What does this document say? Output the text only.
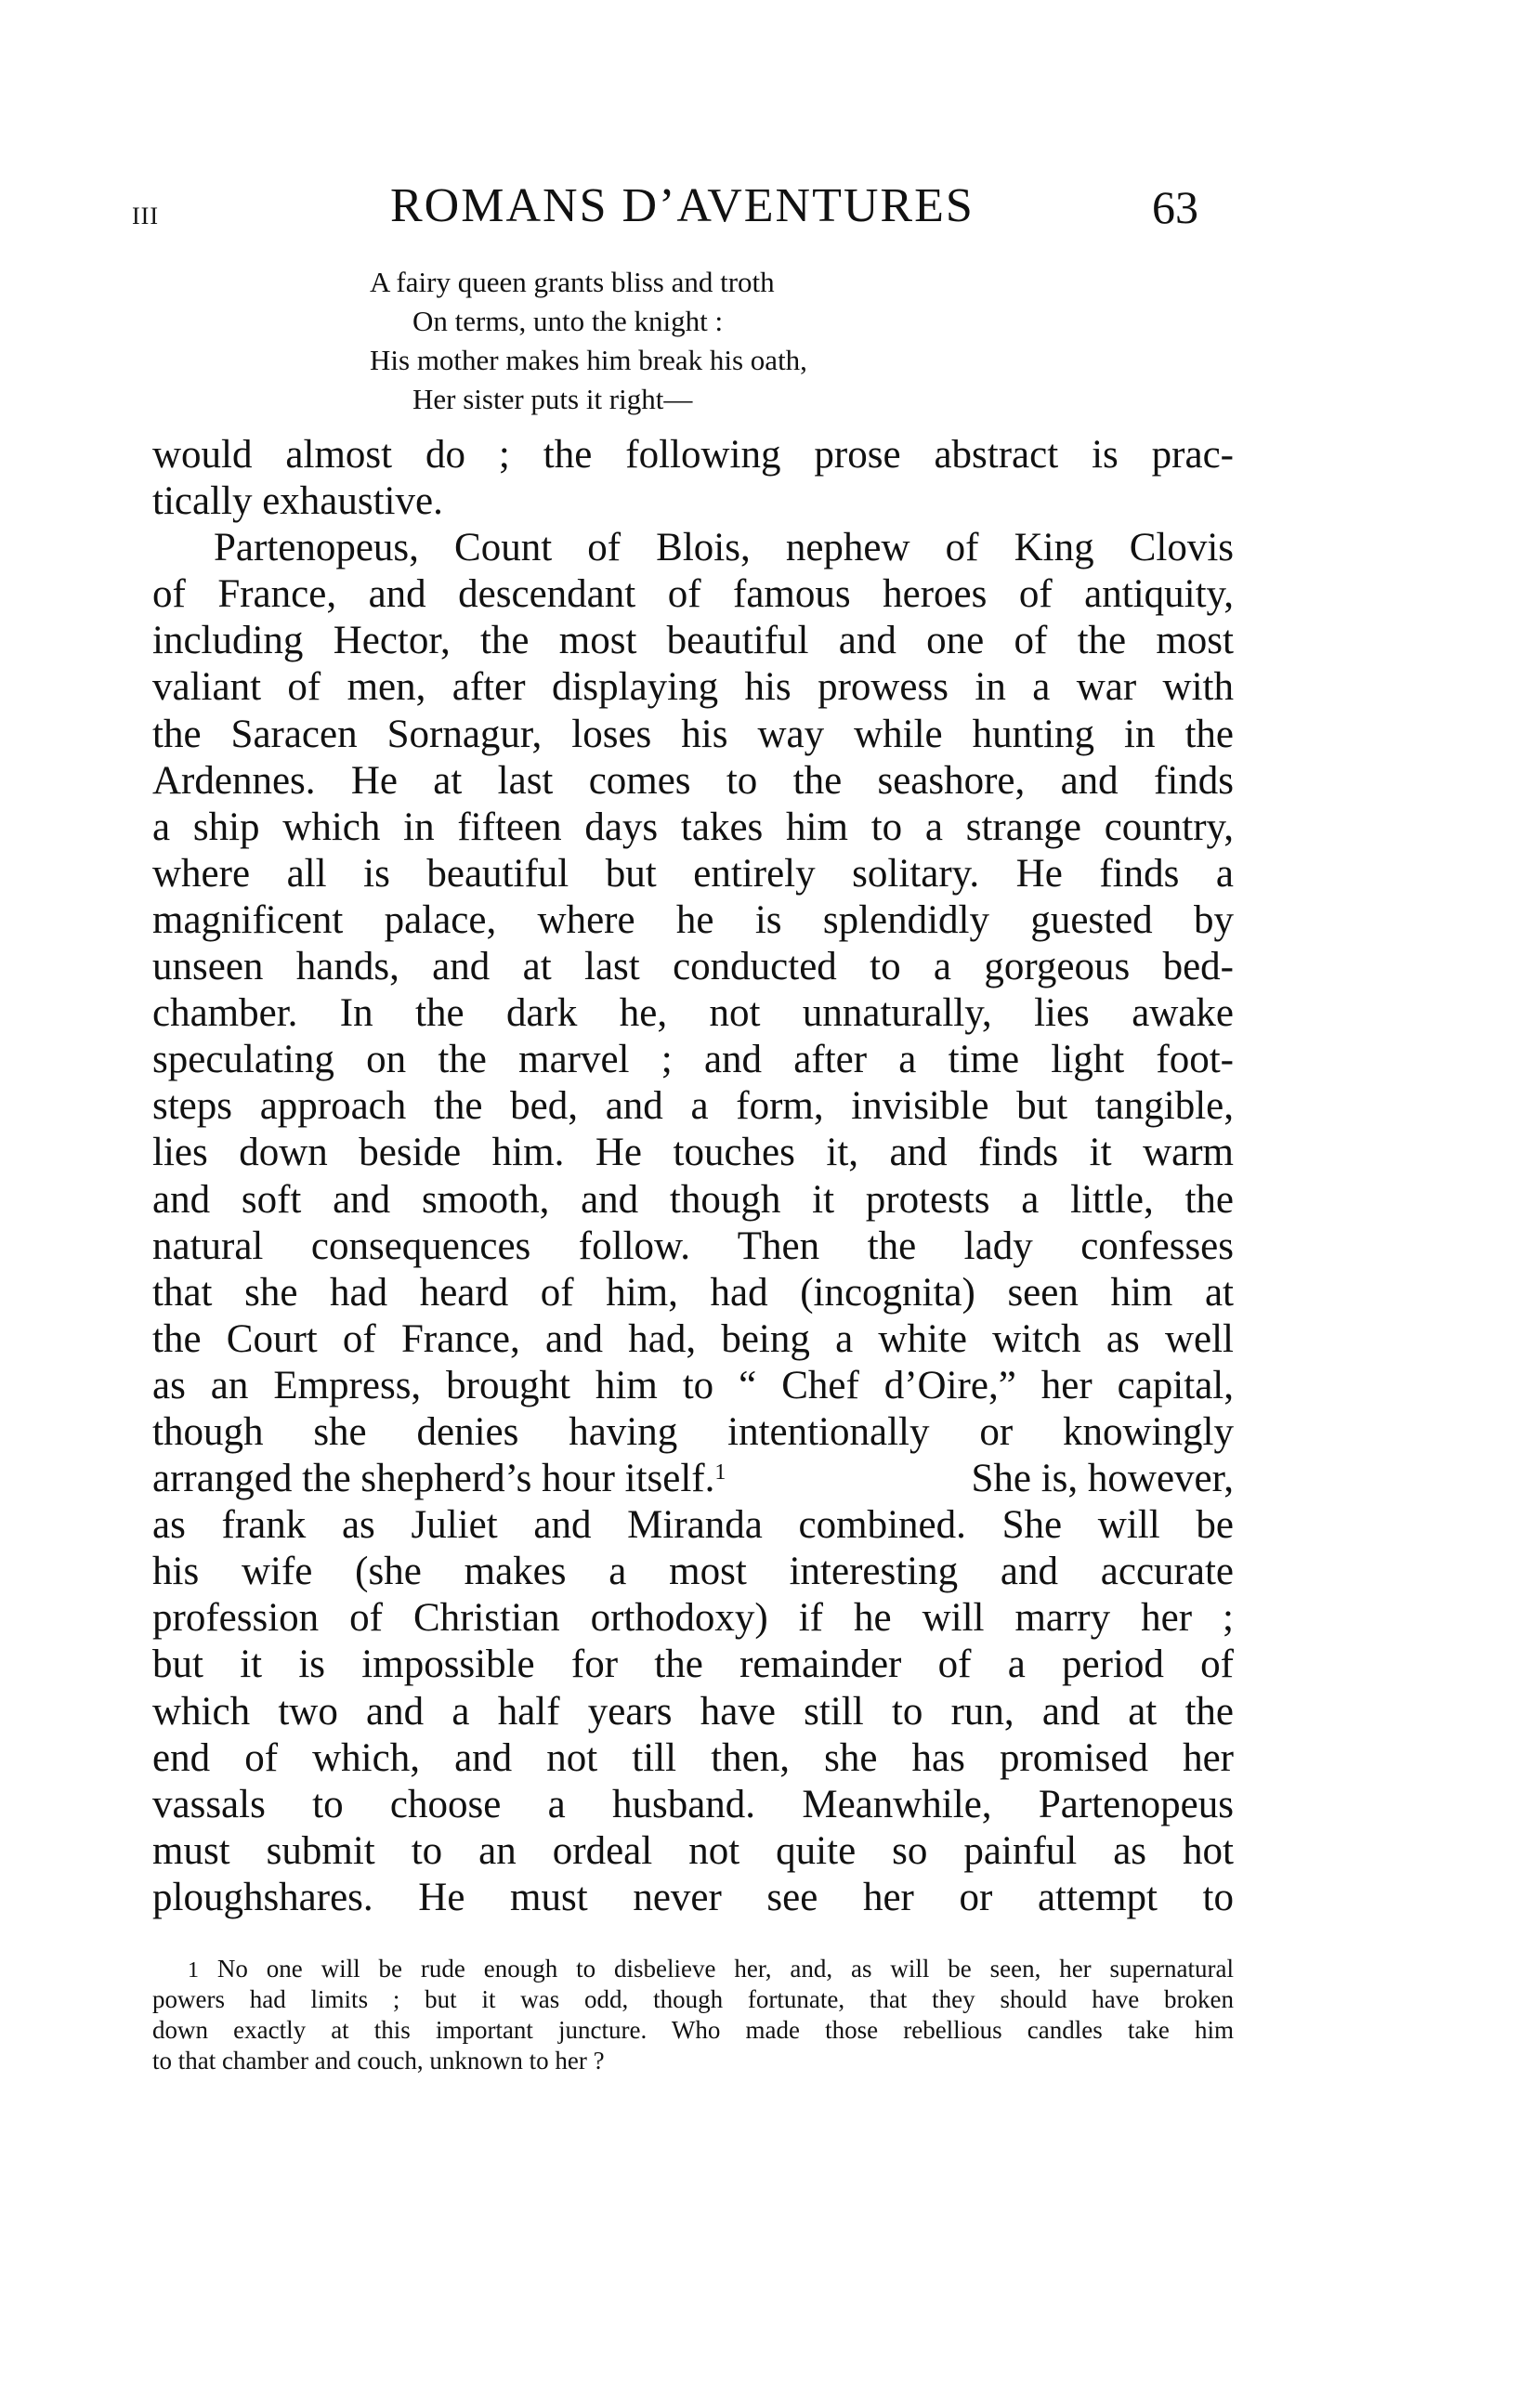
III	ROMANS D’AVENTURES	63
A fairy queen grants bliss and troth
On terms, unto the knight :
His mother makes him break his oath,
Her sister puts it right—
would almost do ; the following prose abstract is prac-
tically exhaustive.
Partenopeus, Count of Blois, nephew of King Clovis
of France, and descendant of famous heroes of antiquity,
including Hector, the most beautiful and one of the most
valiant of men, after displaying his prowess in a war with
the Saracen Sornagur, loses his way while hunting in the
Ardennes. He at last comes to the seashore, and finds
a ship which in fifteen days takes him to a strange country,
where all is beautiful but entirely solitary. He finds a
magnificent palace, where he is splendidly guested by
unseen hands, and at last conducted to a gorgeous bed-
chamber. In the dark he, not unnaturally, lies awake
speculating on the marvel ; and after a time light foot-
steps approach the bed, and a form, invisible but tangible,
lies down beside him. He touches it, and finds it warm
and soft and smooth, and though it protests a little, the
natural consequences follow. Then the lady confesses
that she had heard of him, had (incognita) seen him at
the Court of France, and had, being a white witch as well
as an Empress, brought him to “ Chef d’Oire,” her capital,
though she denies having intentionally or knowingly
arranged the shepherd’s hour itself.$^1$	She is, however,
as frank as Juliet and Miranda combined. She will be
his wife (she makes a most interesting and accurate
profession of Christian orthodoxy) if he will marry her ;
but it is impossible for the remainder of a period of
which two and a half years have still to run, and at the
end of which, and not till then, she has promised her
vassals to choose a husband. Meanwhile, Partenopeus
must submit to an ordeal not quite so painful as hot
ploughshares. He must never see her or attempt to
$^1$ No one will be rude enough to disbelieve her, and, as will be seen, her supernatural
powers had limits ; but it was odd, though fortunate, that they should have broken
down exactly at this important juncture. Who made those rebellious candles take him
to that chamber and couch, unknown to her ?
